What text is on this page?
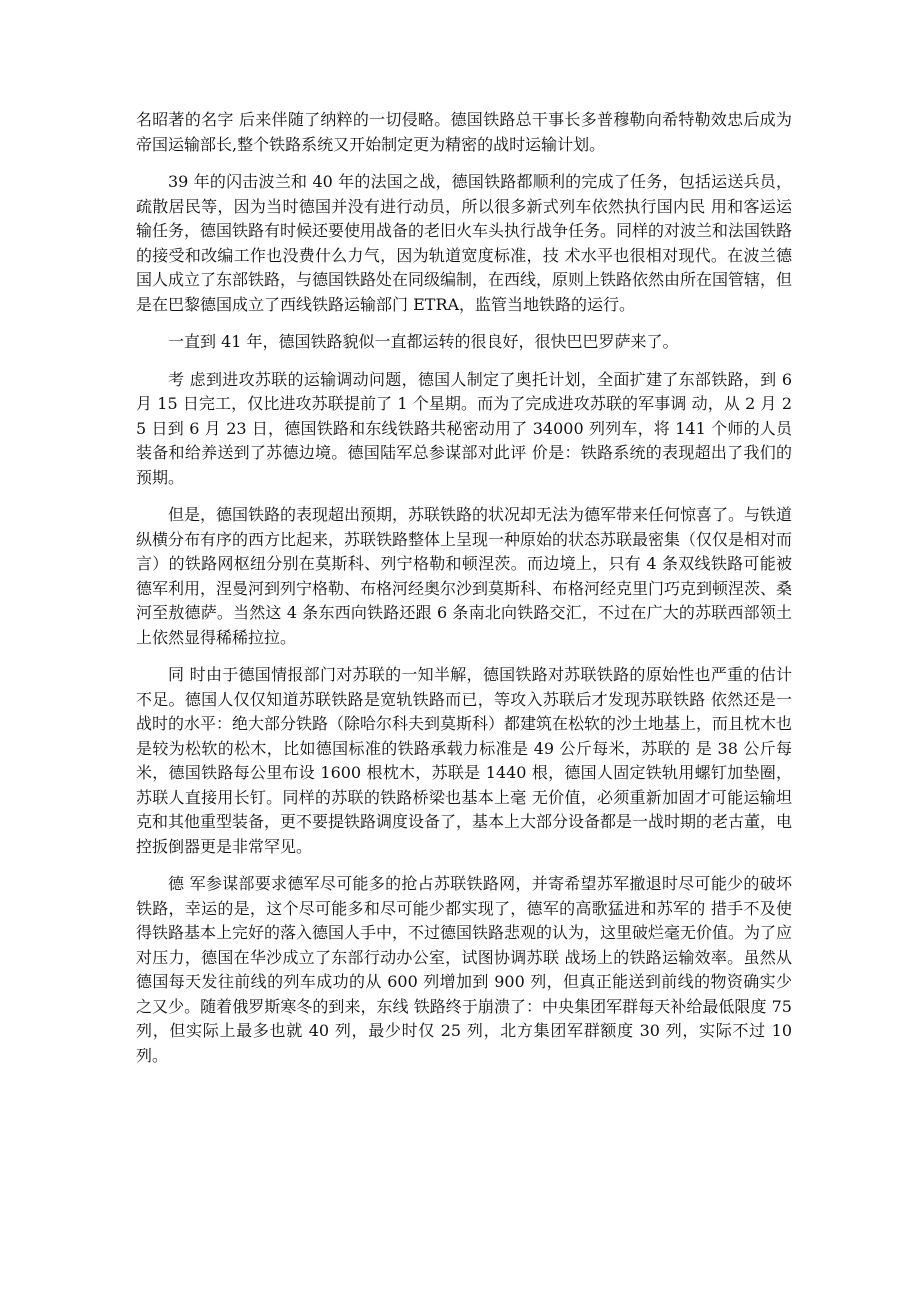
名昭著的名字 后来伴随了纳粹的一切侵略。德国铁路总干事长多普穆勒向希特勒效忠后成为帝国运输部长,整个铁路系统又开始制定更为精密的战时运输计划。

39 年的闪击波兰和 40 年的法国之战，德国铁路都顺利的完成了任务，包括运送兵员，疏散居民等，因为当时德国并没有进行动员，所以很多新式列车依然执行国内民 用和客运运输任务，德国铁路有时候还要使用战备的老旧火车头执行战争任务。同样的对波兰和法国铁路的接受和改编工作也没费什么力气，因为轨道宽度标准，技 术水平也很相对现代。在波兰德国人成立了东部铁路，与德国铁路处在同级编制，在西线，原则上铁路依然由所在国管辖，但是在巴黎德国成立了西线铁路运输部门 ETRA，监管当地铁路的运行。

一直到 41 年，德国铁路貌似一直都运转的很良好，很快巴巴罗萨来了。

考 虑到进攻苏联的运输调动问题，德国人制定了奥托计划，全面扩建了东部铁路，到 6 月 15 日完工，仅比进攻苏联提前了 1 个星期。而为了完成进攻苏联的军事调 动，从 2 月 25 日到 6 月 23 日，德国铁路和东线铁路共秘密动用了 34000 列列车，将 141 个师的人员装备和给养送到了苏德边境。德国陆军总参谋部对此评 价是：铁路系统的表现超出了我们的预期。

但是，德国铁路的表现超出预期，苏联铁路的状况却无法为德军带来任何惊喜了。与铁道纵横分布有序的西方比起来，苏联铁路整体上呈现一种原始的状态苏联最密集（仅仅是相对而言）的铁路网枢纽分别在莫斯科、列宁格勒和顿涅茨。而边境上，只有 4 条双线铁路可能被德军利用，涅曼河到列宁格勒、布格河经奥尔沙到莫斯科、布格河经克里门巧克到顿涅茨、桑河至敖德萨。当然这 4 条东西向铁路还跟 6 条南北向铁路交汇，不过在广大的苏联西部领土上依然显得稀稀拉拉。

同 时由于德国情报部门对苏联的一知半解，德国铁路对苏联铁路的原始性也严重的估计不足。德国人仅仅知道苏联铁路是宽轨铁路而已，等攻入苏联后才发现苏联铁路 依然还是一战时的水平：绝大部分铁路（除哈尔科夫到莫斯科）都建筑在松软的沙土地基上，而且枕木也是较为松软的松木，比如德国标准的铁路承载力标准是 49 公斤每米，苏联的 是 38 公斤每米，德国铁路每公里布设 1600 根枕木，苏联是 1440 根，德国人固定铁轨用螺钉加垫圈，苏联人直接用长钉。同样的苏联的铁路桥梁也基本上毫 无价值，必须重新加固才可能运输坦克和其他重型装备，更不要提铁路调度设备了，基本上大部分设备都是一战时期的老古董，电控扳倒器更是非常罕见。

德 军参谋部要求德军尽可能多的抢占苏联铁路网，并寄希望苏军撤退时尽可能少的破坏铁路，幸运的是，这个尽可能多和尽可能少都实现了，德军的高歌猛进和苏军的 措手不及使得铁路基本上完好的落入德国人手中，不过德国铁路悲观的认为，这里破烂毫无价值。为了应对压力，德国在华沙成立了东部行动办公室，试图协调苏联 战场上的铁路运输效率。虽然从德国每天发往前线的列车成功的从 600 列增加到 900 列，但真正能送到前线的物资确实少之又少。随着俄罗斯寒冬的到来，东线 铁路终于崩溃了：中央集团军群每天补给最低限度 75 列，但实际上最多也就 40 列，最少时仅 25 列，北方集团军群额度 30 列，实际不过 10 列。
